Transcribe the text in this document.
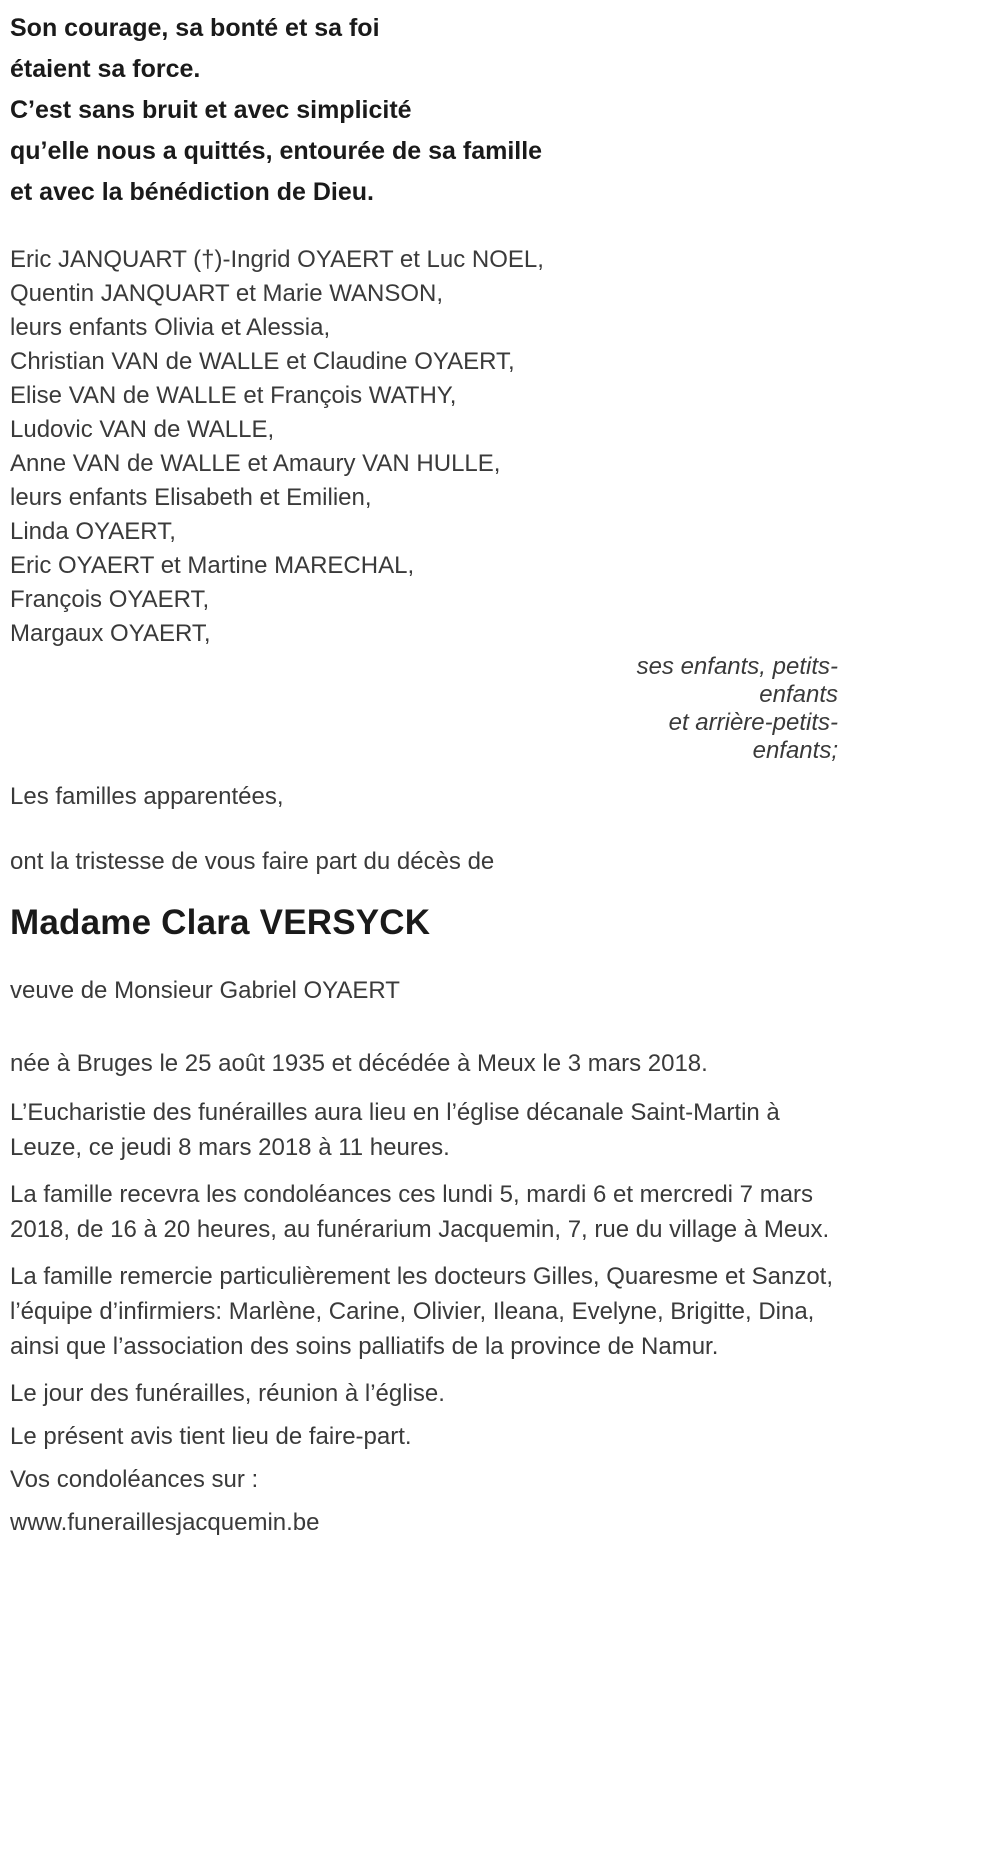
Son courage, sa bonté et sa foi
étaient sa force.
C’est sans bruit et avec simplicité
qu’elle nous a quittés, entourée de sa famille
et avec la bénédiction de Dieu.
Eric JANQUART (†)-Ingrid OYAERT et Luc NOEL,
Quentin JANQUART et Marie WANSON,
leurs enfants Olivia et Alessia,
Christian VAN de WALLE et Claudine OYAERT,
Elise VAN de WALLE et François WATHY,
Ludovic VAN de WALLE,
Anne VAN de WALLE et Amaury VAN HULLE,
leurs enfants Elisabeth et Emilien,
Linda OYAERT,
Eric OYAERT et Martine MARECHAL,
François OYAERT,
Margaux OYAERT,
ses enfants, petits-
enfants
et arrière-petits-
enfants;

Les familles apparentées,

ont la tristesse de vous faire part du décès de

Madame Clara VERSYCK

veuve de Monsieur Gabriel OYAERT

née à Bruges le 25 août 1935 et décédée à Meux le 3 mars 2018.

L’Eucharistie des funérailles aura lieu en l’église décanale Saint-Martin à Leuze, ce jeudi 8 mars 2018 à 11 heures.

La famille recevra les condoléances ces lundi 5, mardi 6 et mercredi 7 mars 2018, de 16 à 20 heures, au funérarium Jacquemin, 7, rue du village à Meux.

La famille remercie particulièrement les docteurs Gilles, Quaresme et Sanzot, l’équipe d’infirmiers: Marlène, Carine, Olivier, Ileana, Evelyne, Brigitte, Dina, ainsi que l’association des soins palliatifs de la province de Namur.

Le jour des funérailles, réunion à l’église.

Le présent avis tient lieu de faire-part.

Vos condoléances sur :

www.funeraillesjacquemin.be
